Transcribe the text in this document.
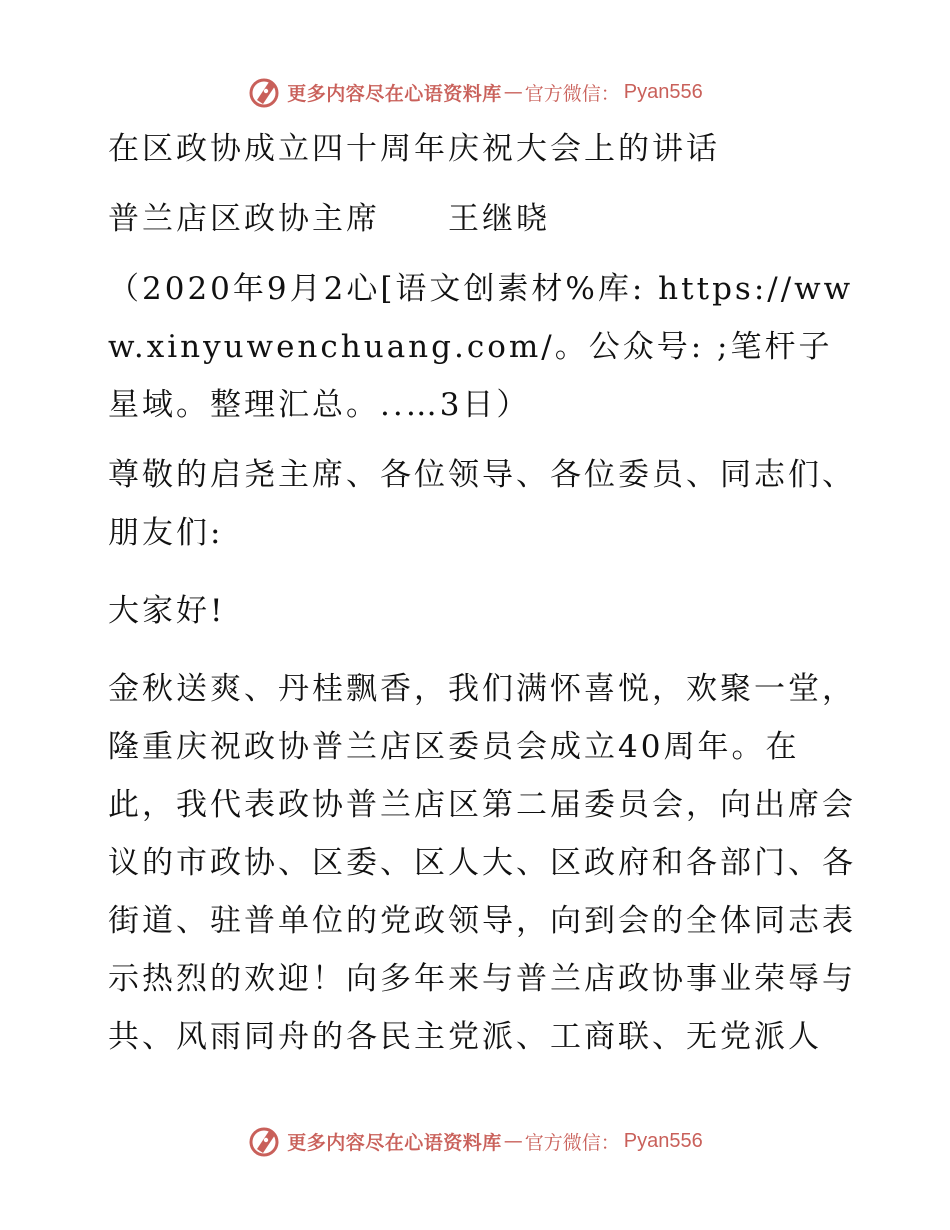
更多内容尽在心语资料库 — 官方微信： Pyan556

在区政协成立四十周年庆祝大会上的讲话

普兰店区政协主席　　王继晓

（2020年9月2心[语文创素材%库: https://www.xinyuwenchuang.com/。公众号: ;笔杆子星域。整理汇总。..…3日）

尊敬的启尧主席、各位领导、各位委员、同志们、朋友们:

大家好!

金秋送爽、丹桂飘香，我们满怀喜悦，欢聚一堂，隆重庆祝政协普兰店区委员会成立40周年。在此，我代表政协普兰店区第二届委员会，向出席会议的市政协、区委、区人大、区政府和各部门、各街道、驻普单位的党政领导，向到会的全体同志表示热烈的欢迎！向多年来与普兰店政协事业荣辱与共、风雨同舟的各民主党派、工商联、无党派人

更多内容尽在心语资料库 — 官方微信： Pyan556
